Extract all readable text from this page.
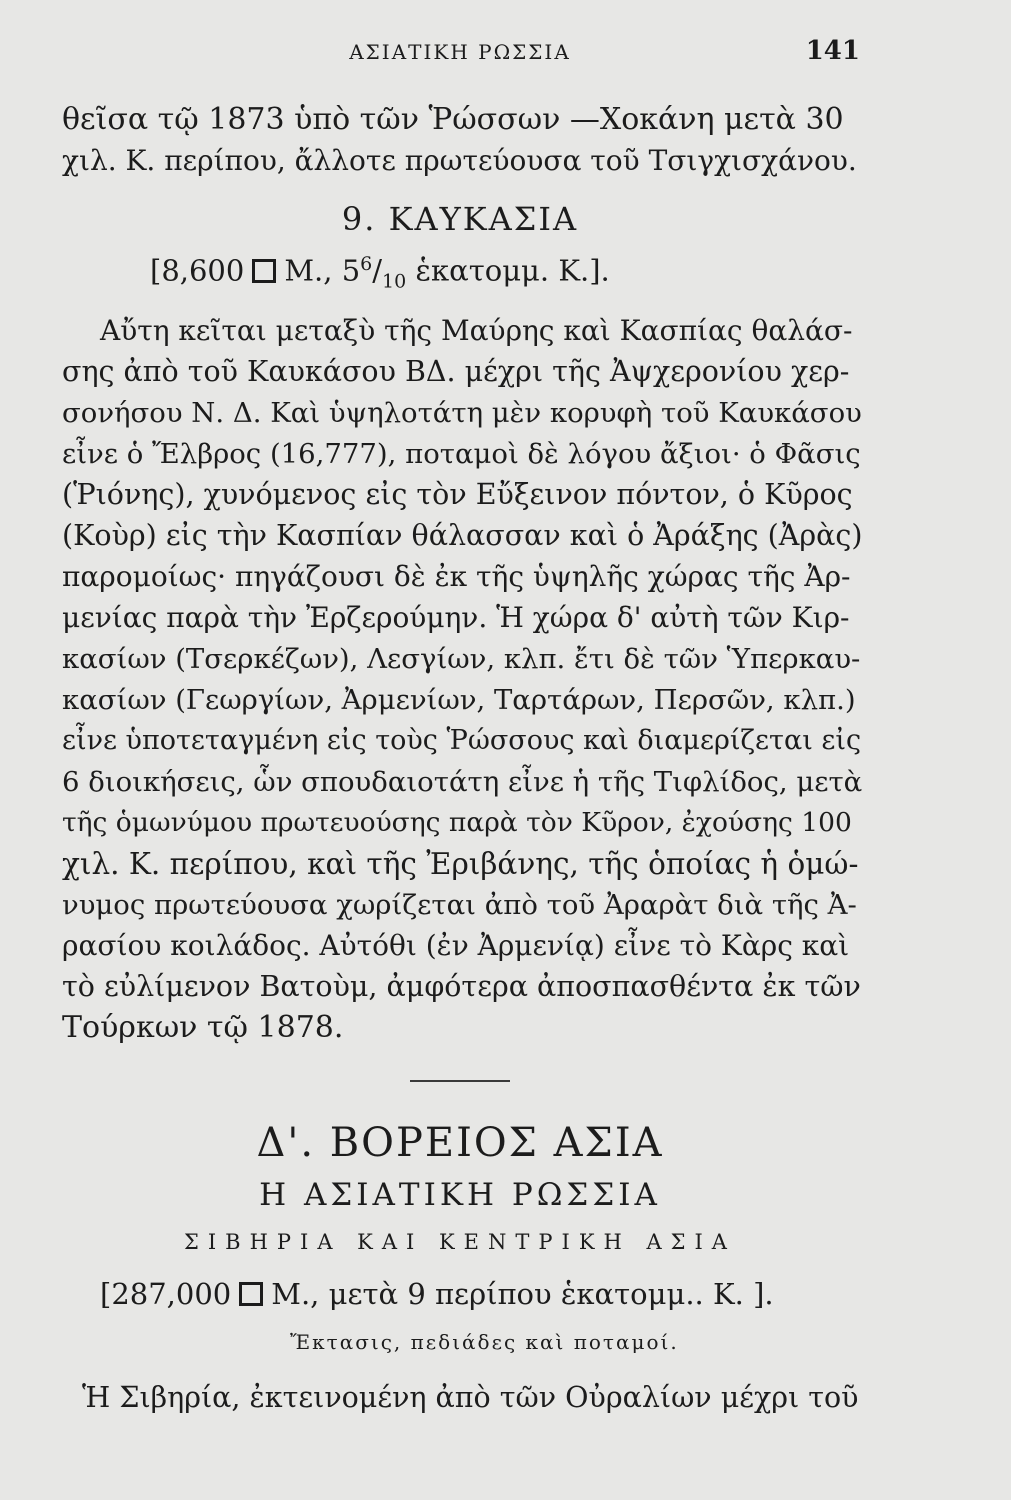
ΑΣΙΑΤΙΚΗ ΡΩΣΣΙΑ	141
θεῖσα τῷ 1873 ὑπὸ τῶν Ῥώσσων —Χοκάνη μετὰ 30
χιλ. Κ. περίπου, ἄλλοτε πρωτεύουσα τοῦ Τσιγχισχάνου.
9. ΚΑΥΚΑΣΙΑ
[8,600 Μ., $5^6/_{10}$ ἑκατομμ. Κ.].
Αὔτη κεῖται μεταξὺ τῆς Μαύρης καὶ Κασπίας θαλάσ-
σης ἀπὸ τοῦ Καυκάσου ΒΔ. μέχρι τῆς Ἀψχερονίου χερ-
σονήσου Ν. Δ. Καὶ ὑψηλοτάτη μὲν κορυφὴ τοῦ Καυκάσου
εἶνε ὁ Ἔλβρος (16,777), ποταμοὶ δὲ λόγου ἄξιοι· ὁ Φᾶσις
(Ῥιόνης), χυνόμενος εἰς τὸν Εὔξεινον πόντον, ὁ Κῦρος
(Κοὺρ) εἰς τὴν Κασπίαν θάλασσαν καὶ ὁ Ἀράξης (Ἀρὰς)
παρομοίως· πηγάζουσι δὲ ἐκ τῆς ὑψηλῆς χώρας τῆς Ἀρ-
μενίας παρὰ τὴν Ἐρζερούμην. Ἡ χώρα δ' αὐτὴ τῶν Κιρ-
κασίων (Τσερκέζων), Λεσγίων, κλπ. ἔτι δὲ τῶν Ὑπερκαυ-
κασίων (Γεωργίων, Ἀρμενίων, Ταρτάρων, Περσῶν, κλπ.)
εἶνε ὑποτεταγμένη εἰς τοὺς Ῥώσσους καὶ διαμερίζεται εἰς
6 διοικήσεις, ὧν σπουδαιοτάτη εἶνε ἡ τῆς Τιφλίδος, μετὰ
τῆς ὁμωνύμου πρωτευούσης παρὰ τὸν Κῦρον, ἐχούσης 100
χιλ. Κ. περίπου, καὶ τῆς Ἐριβάνης, τῆς ὁποίας ἡ ὁμώ-
νυμος πρωτεύουσα χωρίζεται ἀπὸ τοῦ Ἀραρὰτ διὰ τῆς Ἀ-
ρασίου κοιλάδος. Αὐτόθι (ἐν Ἀρμενίᾳ) εἶνε τὸ Κὰρς καὶ
τὸ εὐλίμενον Βατοὺμ, ἀμφότερα ἀποσπασθέντα ἐκ τῶν
Τούρκων τῷ 1878.
Δ'. ΒΟΡΕΙΟΣ ΑΣΙΑ
Η ΑΣΙΑΤΙΚΗ ΡΩΣΣΙΑ
ΣΙΒΗΡΙΑ ΚΑΙ ΚΕΝΤΡΙΚΗ ΑΣΙΑ
[287,000 Μ., μετὰ 9 περίπου ἑκατομμ.. Κ. ].
Ἔκτασις, πεδιάδες καὶ ποταμοί.
Ἡ Σιβηρία, ἐκτεινομένη ἀπὸ τῶν Οὐραλίων μέχρι τοῦ
